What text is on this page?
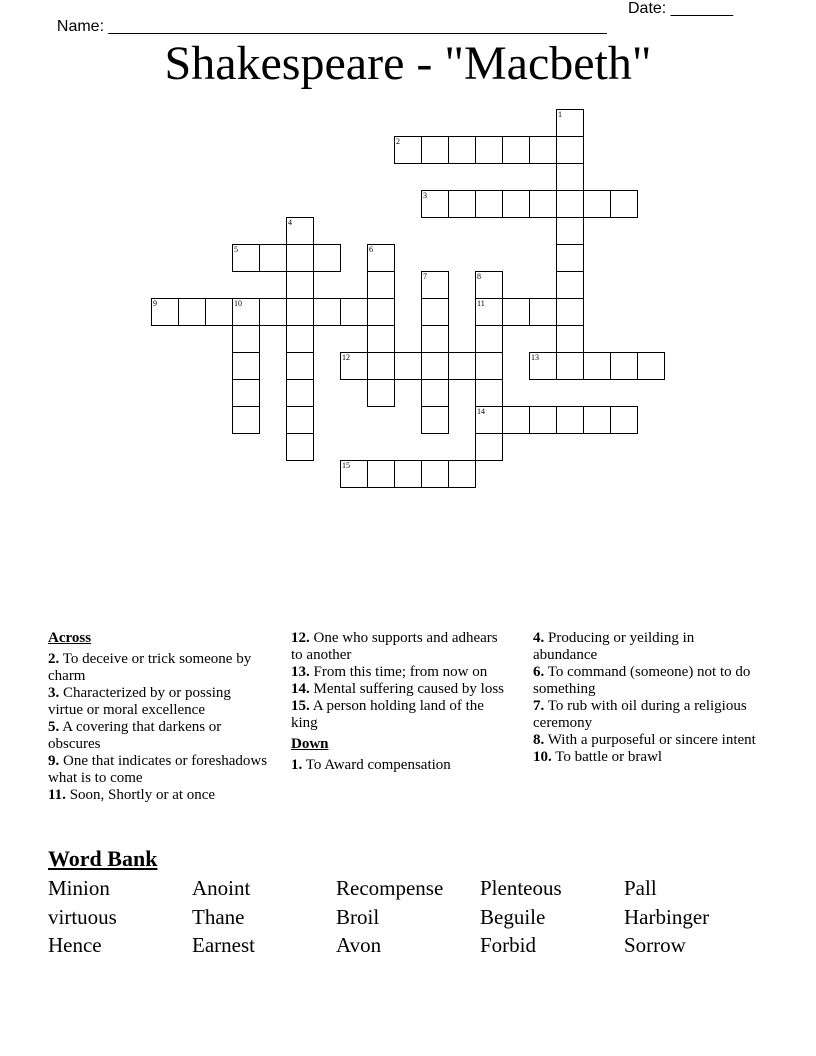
Name: ________________________________________________________

Date: _______

Shakespeare - "Macbeth"
1
2
3
4
5	6
7	8
11
14
9	10
12	13
15
Across
2. To deceive or trick someone by charm
3. Characterized by or possing virtue or moral excellence
5. A covering that darkens or obscures
9. One that indicates or foreshadows what is to come
11. Soon, Shortly or at once
12. One who supports and adhears to another
13. From this time; from now on
14. Mental suffering caused by loss
15. A person holding land of the king
Down
1. To Award compensation
4. Producing or yeilding in abundance
6. To command (someone) not to do something
7. To rub with oil during a religious ceremony
8. With a purposeful or sincere intent
10. To battle or brawl
Word Bank
Minion	Anoint	Recompense Plenteous	Pall
virtuous	Thane	Broil	Beguile	Harbinger
Hence	Earnest	Avon	Forbid	Sorrow
